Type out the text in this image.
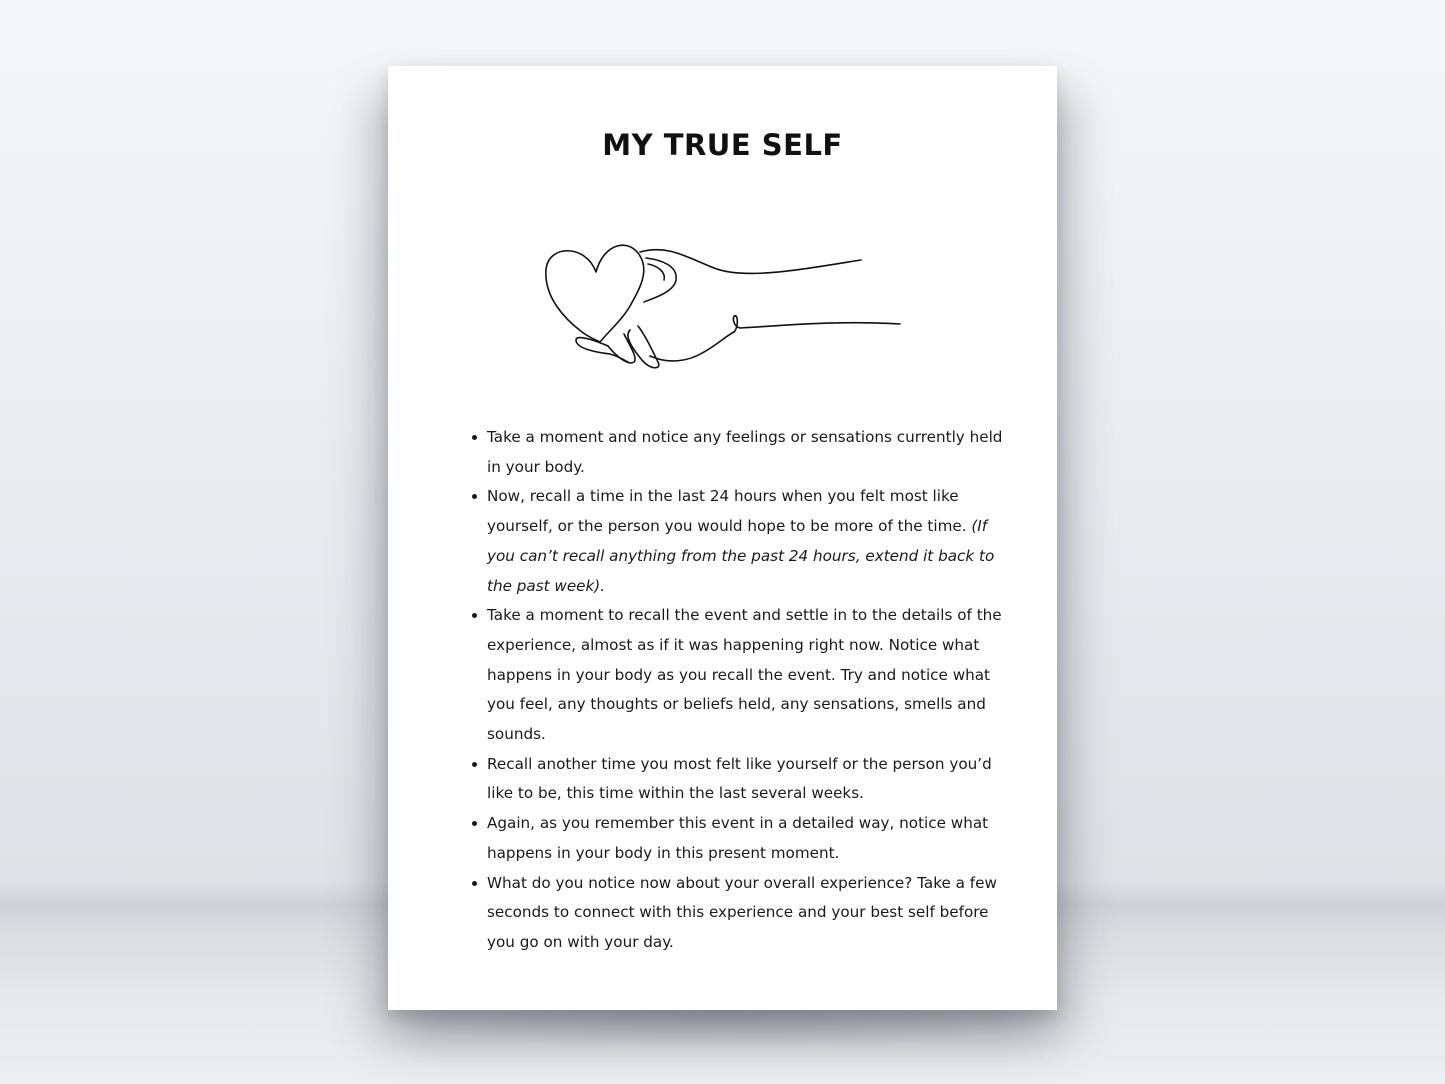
MY TRUE SELF
Take a moment and notice any feelings or sensations currently held in your body.
Now, recall a time in the last 24 hours when you felt most like yourself, or the person you would hope to be more of the time. (If you can’t recall anything from the past 24 hours, extend it back to the past week).
Take a moment to recall the event and settle in to the details of the experience, almost as if it was happening right now. Notice what happens in your body as you recall the event. Try and notice what you feel, any thoughts or beliefs held, any sensations, smells and sounds.
Recall another time you most felt like yourself or the person you’d like to be, this time within the last several weeks.
Again, as you remember this event in a detailed way, notice what happens in your body in this present moment.
What do you notice now about your overall experience? Take a few seconds to connect with this experience and your best self before you go on with your day.
